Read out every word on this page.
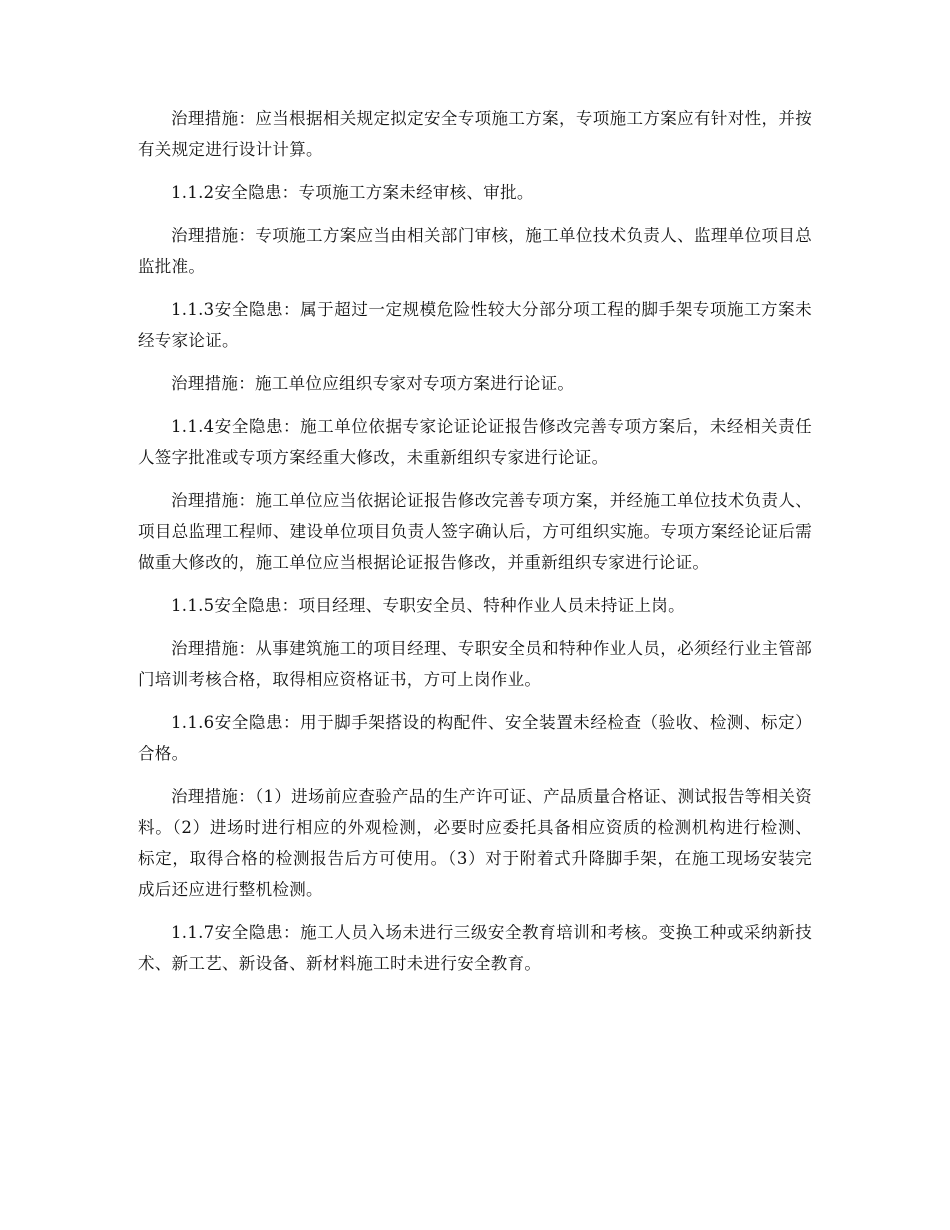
治理措施：应当根据相关规定拟定安全专项施工方案，专项施工方案应有针对性，并按有关规定进行设计计算。

1.1.2安全隐患：专项施工方案未经审核、审批。

治理措施：专项施工方案应当由相关部门审核，施工单位技术负责人、监理单位项目总监批准。

1.1.3安全隐患：属于超过一定规模危险性较大分部分项工程的脚手架专项施工方案未经专家论证。

治理措施：施工单位应组织专家对专项方案进行论证。

1.1.4安全隐患：施工单位依据专家论证论证报告修改完善专项方案后，未经相关责任人签字批准或专项方案经重大修改，未重新组织专家进行论证。

治理措施：施工单位应当依据论证报告修改完善专项方案，并经施工单位技术负责人、项目总监理工程师、建设单位项目负责人签字确认后，方可组织实施。专项方案经论证后需做重大修改的，施工单位应当根据论证报告修改，并重新组织专家进行论证。

1.1.5安全隐患：项目经理、专职安全员、特种作业人员未持证上岗。

治理措施：从事建筑施工的项目经理、专职安全员和特种作业人员，必须经行业主管部门培训考核合格，取得相应资格证书，方可上岗作业。

1.1.6安全隐患：用于脚手架搭设的构配件、安全装置未经检查（验收、检测、标定）合格。

治理措施：（1）进场前应查验产品的生产许可证、产品质量合格证、测试报告等相关资料。（2）进场时进行相应的外观检测，必要时应委托具备相应资质的检测机构进行检测、标定，取得合格的检测报告后方可使用。（3）对于附着式升降脚手架，在施工现场安装完成后还应进行整机检测。

1.1.7安全隐患：施工人员入场未进行三级安全教育培训和考核。变换工种或采纳新技术、新工艺、新设备、新材料施工时未进行安全教育。
